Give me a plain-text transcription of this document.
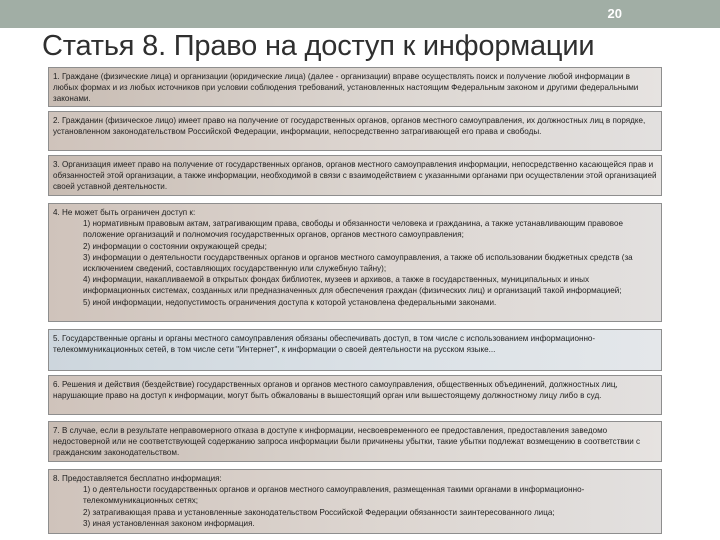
20
Статья 8. Право на доступ к информации

1. Граждане (физические лица) и организации (юридические лица) (далее - организации) вправе осуществлять поиск и получение любой информации в любых формах и из любых источников при условии соблюдения требований, установленных настоящим Федеральным законом и другими федеральными законами.

2. Гражданин (физическое лицо) имеет право на получение от государственных органов, органов местного самоуправления, их должностных лиц в порядке, установленном законодательством Российской Федерации, информации, непосредственно затрагивающей его права и свободы.

3. Организация имеет право на получение от государственных органов, органов местного самоуправления информации, непосредственно касающейся прав и обязанностей этой организации, а также информации, необходимой в связи с взаимодействием с указанными органами при осуществлении этой организацией своей уставной деятельности.

4. Не может быть ограничен доступ к:

1) нормативным правовым актам, затрагивающим права, свободы и обязанности человека и гражданина, а также устанавливающим правовое положение организаций и полномочия государственных органов, органов местного самоуправления;

2) информации о состоянии окружающей среды;

3) информации о деятельности государственных органов и органов местного самоуправления, а также об использовании бюджетных средств (за исключением сведений, составляющих государственную или служебную тайну);

4) информации, накапливаемой в открытых фондах библиотек, музеев и архивов, а также в государственных, муниципальных и иных информационных системах, созданных или предназначенных для обеспечения граждан (физических лиц) и организаций такой информацией;

5) иной информации, недопустимость ограничения доступа к которой установлена федеральными законами.

5. Государственные органы и органы местного самоуправления обязаны обеспечивать доступ, в том числе с использованием информационно-телекоммуникационных сетей, в том числе сети "Интернет", к информации о своей деятельности на русском языке...

6. Решения и действия (бездействие) государственных органов и органов местного самоуправления, общественных объединений, должностных лиц, нарушающие право на доступ к информации, могут быть обжалованы в вышестоящий орган или вышестоящему должностному лицу либо в суд.

7. В случае, если в результате неправомерного отказа в доступе к информации, несвоевременного ее предоставления, предоставления заведомо недостоверной или не соответствующей содержанию запроса информации были причинены убытки, такие убытки подлежат возмещению в соответствии с гражданским законодательством.

8. Предоставляется бесплатно информация:

1) о деятельности государственных органов и органов местного самоуправления, размещенная такими органами в информационно-телекоммуникационных сетях;

2) затрагивающая права и установленные законодательством Российской Федерации обязанности заинтересованного лица;

3) иная установленная законом информация.
